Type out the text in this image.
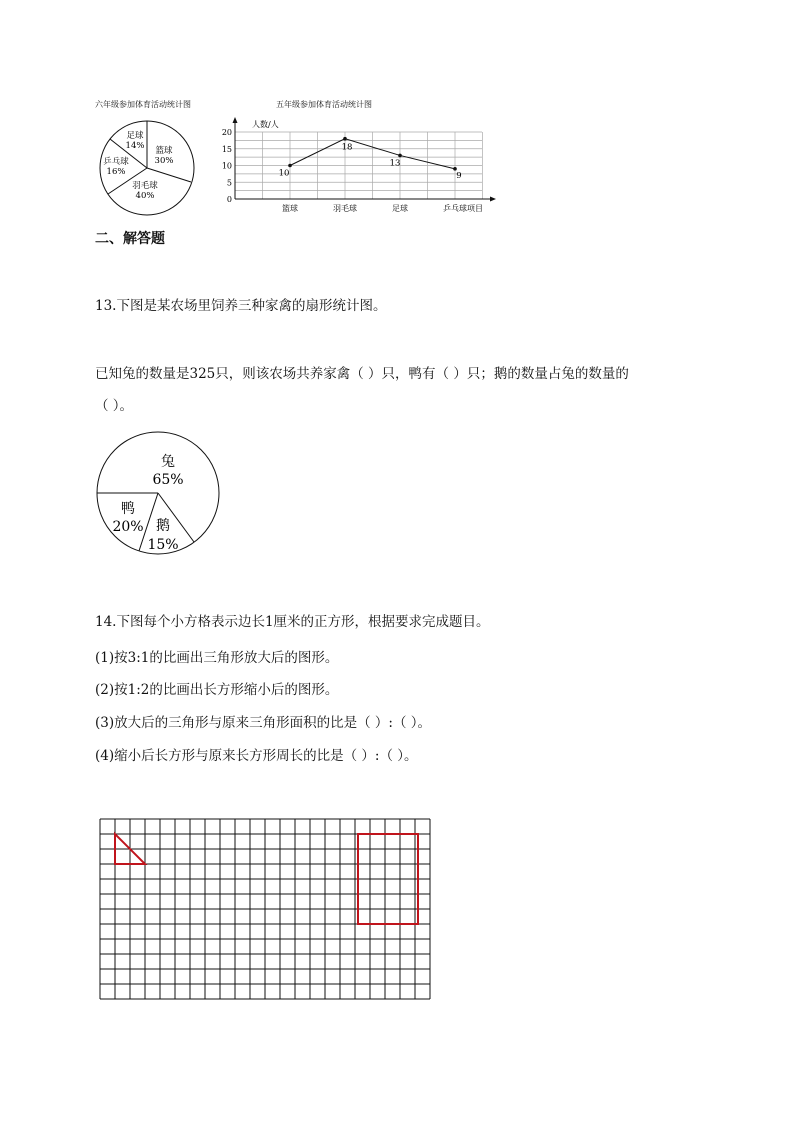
六年级参加体育活动统计图	五年级参加体育活动统计图
篮球
30%
羽毛球
40%
乒乓球
16%
足球
14%
0
5
10
15
20
篮球	羽毛球	足球	乒乓球
10
18
13
9
人数/人
项目
二、解答题
13.下图是某农场里饲养三种家禽的扇形统计图。
已知兔的数量是325只，则该农场共养家禽（ ）只，鸭有（ ）只；鹅的数量占兔的数量的
（ ）。
兔
65%
鸭
20% 鹅
15%
14.下图每个小方格表示边长1厘米的正方形，根据要求完成题目。
(1)按3:1的比画出三角形放大后的图形。
(2)按1:2的比画出长方形缩小后的图形。
(3)放大后的三角形与原来三角形面积的比是（ ）:（ ）。
(4)缩小后长方形与原来长方形周长的比是（ ）:（ ）。
